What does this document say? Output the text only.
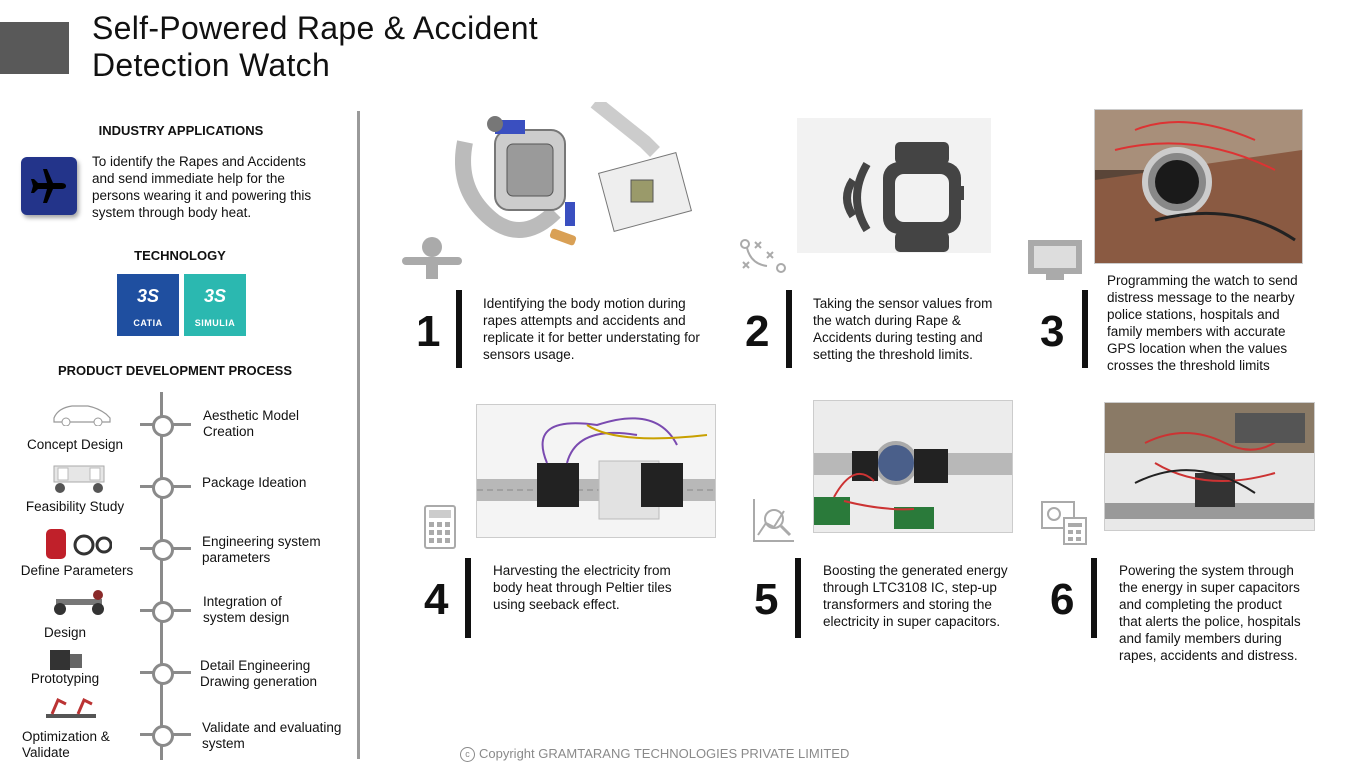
Self-Powered Rape & Accident Detection Watch
INDUSTRY APPLICATIONS
To identify the Rapes and Accidents and send immediate help for the persons wearing it and powering this system through body heat.
TECHNOLOGY
3S
CATIA
3S
SIMULIA
PRODUCT DEVELOPMENT PROCESS
Concept Design
Feasibility Study
Define Parameters
Design
Prototyping
Optimization & Validate
Aesthetic Model Creation
Package Ideation
Engineering system parameters
Integration of system design
Detail Engineering Drawing generation
Validate and evaluating system
1
Identifying the body motion during rapes attempts and accidents and replicate it for better understating for sensors usage.	2
Taking the sensor values from the watch during Rape & Accidents during testing and setting the threshold limits.	3
Programming the watch to send distress message to the nearby police stations, hospitals and family members with accurate GPS location when the values crosses the threshold limits
4
Harvesting the electricity from body heat through Peltier tiles using seeback effect.	5
Boosting the generated energy through LTC3108 IC, step-up transformers and storing the electricity in super capacitors. 6
Powering the system through the energy in super capacitors and completing the product that alerts the police, hospitals and family members during rapes, accidents and distress.
c Copyright GRAMTARANG TECHNOLOGIES PRIVATE LIMITED
